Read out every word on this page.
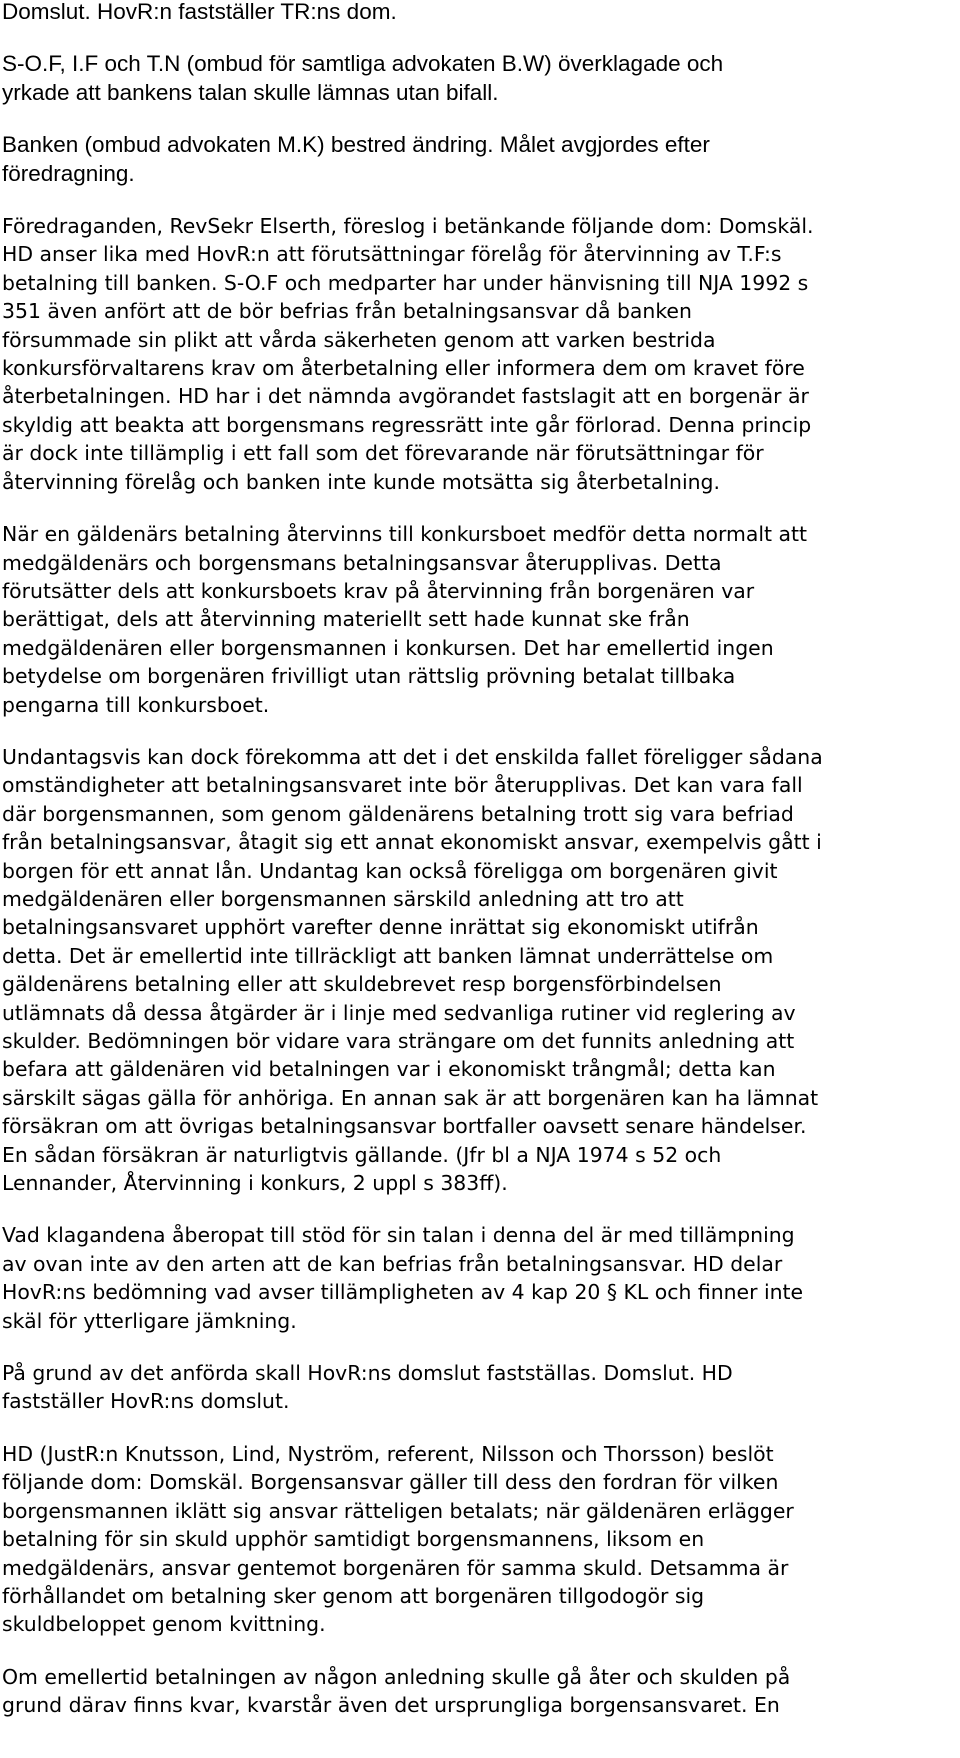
Domslut. HovR:n fastställer TR:ns dom.

S-O.F, I.F och T.N (ombud för samtliga advokaten B.W) överklagade och
yrkade att bankens talan skulle lämnas utan bifall.

Banken (ombud advokaten M.K) bestred ändring. Målet avgjordes efter
föredragning.

Föredraganden, RevSekr Elserth, föreslog i betänkande följande dom: Domskäl.
HD anser lika med HovR:n att förutsättningar förelåg för återvinning av T.F:s
betalning till banken. S-O.F och medparter har under hänvisning till NJA 1992 s
351 även anfört att de bör befrias från betalningsansvar då banken
försummade sin plikt att vårda säkerheten genom att varken bestrida
konkursförvaltarens krav om återbetalning eller informera dem om kravet före
återbetalningen. HD har i det nämnda avgörandet fastslagit att en borgenär är
skyldig att beakta att borgensmans regressrätt inte går förlorad. Denna princip
är dock inte tillämplig i ett fall som det förevarande när förutsättningar för
återvinning förelåg och banken inte kunde motsätta sig återbetalning.

När en gäldenärs betalning återvinns till konkursboet medför detta normalt att
medgäldenärs och borgensmans betalningsansvar återupplivas. Detta
förutsätter dels att konkursboets krav på återvinning från borgenären var
berättigat, dels att återvinning materiellt sett hade kunnat ske från
medgäldenären eller borgensmannen i konkursen. Det har emellertid ingen
betydelse om borgenären frivilligt utan rättslig prövning betalat tillbaka
pengarna till konkursboet.

Undantagsvis kan dock förekomma att det i det enskilda fallet föreligger sådana
omständigheter att betalningsansvaret inte bör återupplivas. Det kan vara fall
där borgensmannen, som genom gäldenärens betalning trott sig vara befriad
från betalningsansvar, åtagit sig ett annat ekonomiskt ansvar, exempelvis gått i
borgen för ett annat lån. Undantag kan också föreligga om borgenären givit
medgäldenären eller borgensmannen särskild anledning att tro att
betalningsansvaret upphört varefter denne inrättat sig ekonomiskt utifrån
detta. Det är emellertid inte tillräckligt att banken lämnat underrättelse om
gäldenärens betalning eller att skuldebrevet resp borgensförbindelsen
utlämnats då dessa åtgärder är i linje med sedvanliga rutiner vid reglering av
skulder. Bedömningen bör vidare vara strängare om det funnits anledning att
befara att gäldenären vid betalningen var i ekonomiskt trångmål; detta kan
särskilt sägas gälla för anhöriga. En annan sak är att borgenären kan ha lämnat
försäkran om att övrigas betalningsansvar bortfaller oavsett senare händelser.
En sådan försäkran är naturligtvis gällande. (Jfr bl a NJA 1974 s 52 och
Lennander, Återvinning i konkurs, 2 uppl s 383ff).

Vad klagandena åberopat till stöd för sin talan i denna del är med tillämpning
av ovan inte av den arten att de kan befrias från betalningsansvar. HD delar
HovR:ns bedömning vad avser tillämpligheten av 4 kap 20 § KL och finner inte
skäl för ytterligare jämkning.

På grund av det anförda skall HovR:ns domslut fastställas. Domslut. HD
fastställer HovR:ns domslut.

HD (JustR:n Knutsson, Lind, Nyström, referent, Nilsson och Thorsson) beslöt
följande dom: Domskäl. Borgensansvar gäller till dess den fordran för vilken
borgensmannen iklätt sig ansvar rätteligen betalats; när gäldenären erlägger
betalning för sin skuld upphör samtidigt borgensmannens, liksom en
medgäldenärs, ansvar gentemot borgenären för samma skuld. Detsamma är
förhållandet om betalning sker genom att borgenären tillgodogör sig
skuldbeloppet genom kvittning.

Om emellertid betalningen av någon anledning skulle gå åter och skulden på
grund därav finns kvar, kvarstår även det ursprungliga borgensansvaret. En
